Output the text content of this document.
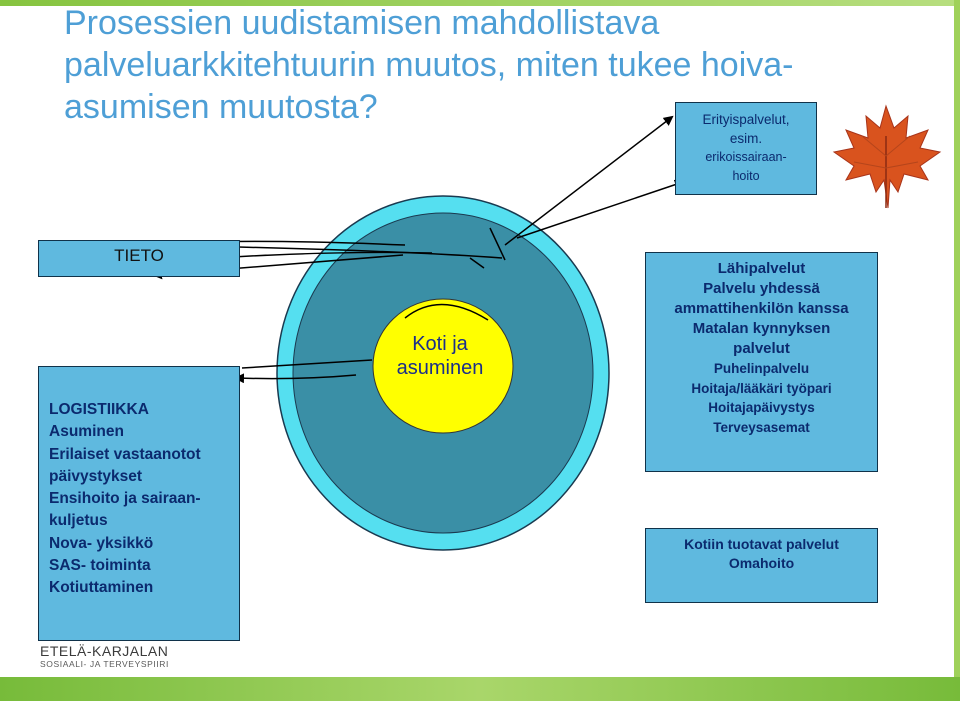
Prosessien uudistamisen mahdollistava palveluarkkitehtuurin muutos, miten tukee hoiva-asumisen muutosta?
Koti ja
asuminen
TIETO
LOGISTIIKKA
Asuminen
Erilaiset vastaanotot
päivystykset
Ensihoito ja sairaan-
kuljetus
Nova- yksikkö
SAS- toiminta
Kotiuttaminen
Erityispalvelut,
esim.
erikoissairaan-
hoito
Lähipalvelut
Palvelu yhdessä
ammattihenkilön kanssa
Matalan kynnyksen
palvelut
Puhelinpalvelu
Hoitaja/lääkäri työpari
Hoitajapäivystys
Terveysasemat
Kotiin tuotavat palvelut
Omahoito
ETELÄ-KARJALAN
SOSIAALI- JA TERVEYSPIIRI
